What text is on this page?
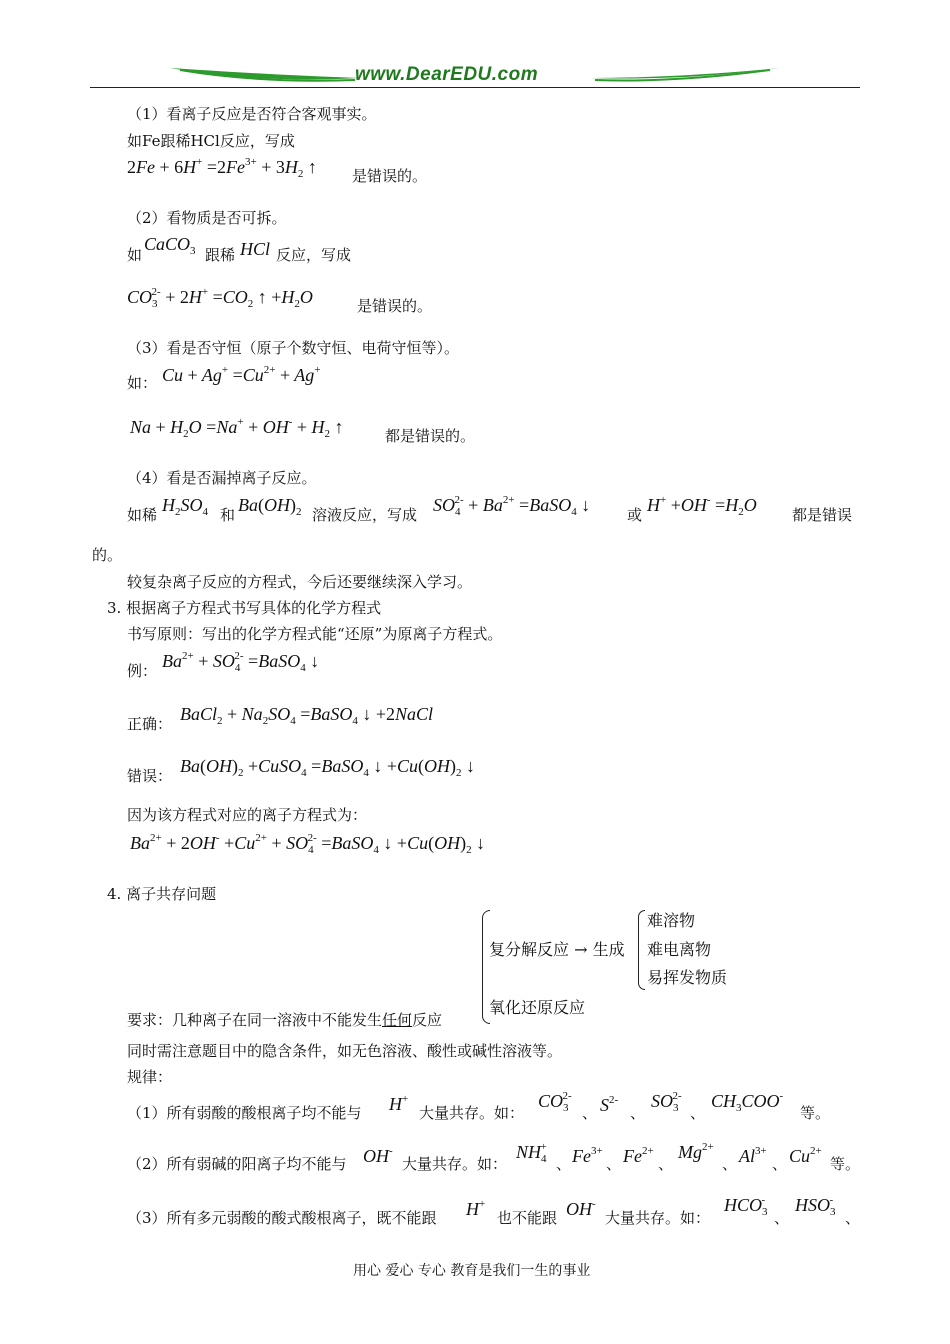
www.DearEDU.com
（1）看离子反应是否符合客观事实。
如Fe跟稀HCl反应，写成
$2Fe + 6H^+ =2Fe^{3+} + 3H_2$ ↑ 是错误的。
（2）看物质是否可拆。
如
CaCO$_3$ 跟稀 HCl 反应，写成
$CO_3^{2-} + 2H^+ =CO_2$ ↑ $+H_2O$	是错误的。
（3）看是否守恒（原子个数守恒、电荷守恒等）。
如： $Cu + Ag^+ =Cu^{2+} + Ag^+$
$Na + H_2O =Na^+ + OH^- + H_2$ ↑	都是错误的。
（4）看是否漏掉离子反应。
如稀 $H_2SO_4$ 和 $Ba(OH)_2$ 溶液反应，写成 $SO_4^{2-} + Ba^{2+}$ =BaSO$_4$ ↓ 或 $H^+ +OH^- =H_2O$ 都是错误
的。
较复杂离子反应的方程式，今后还要继续深入学习。
3. 根据离子方程式书写具体的化学方程式
书写原则：写出的化学方程式能“还原”为原离子方程式。
例： $Ba^{2+} + SO_4^{2-}$ =BaSO$_4$ ↓
正确： BaCl$_2$ + $Na_2SO_4$ =BaSO$_4$ ↓ +2NaCl
错误： $Ba(OH)_2$ +CuSO$_4$ =BaSO$_4$ ↓ $+Cu(OH)_2$ ↓
因为该方程式对应的离子方程式为：
$Ba^{2+} + 2OH^- +Cu^{2+} + SO_4^{2-}$ =BaSO$_4$ ↓ $+Cu(OH)_2$ ↓
4. 离子共存问题
复分解反应 → 生成
难溶物
难电离物
易挥发物质
氧化还原反应
要求：几种离子在同一溶液中不能发生任何反应
同时需注意题目中的隐含条件，如无色溶液、酸性或碱性溶液等。
规律：
（1）所有弱酸的酸根离子均不能与 H+
大量共存。如：
$CO_3^{2-}$
、 $S^{2-}$
、
$SO_3^{2-}$
、
$CH_3COO^-$
等。
（2）所有弱碱的阳离子均不能与 OH-
大量共存。如：
$NH_4^+$
、 $Fe^{3+}$
、 $Fe^{2+}$
、
$Mg^{2+}$
、 $Al^{3+}$
、 $Cu^{2+}$
等。
（3）所有多元弱酸的酸式酸根离子，既不能跟 H+
也不能跟 OH-
大量共存。如：
$HCO_3^-$
、
$HSO_3^-$
、
用心 爱心 专心 教育是我们一生的事业
